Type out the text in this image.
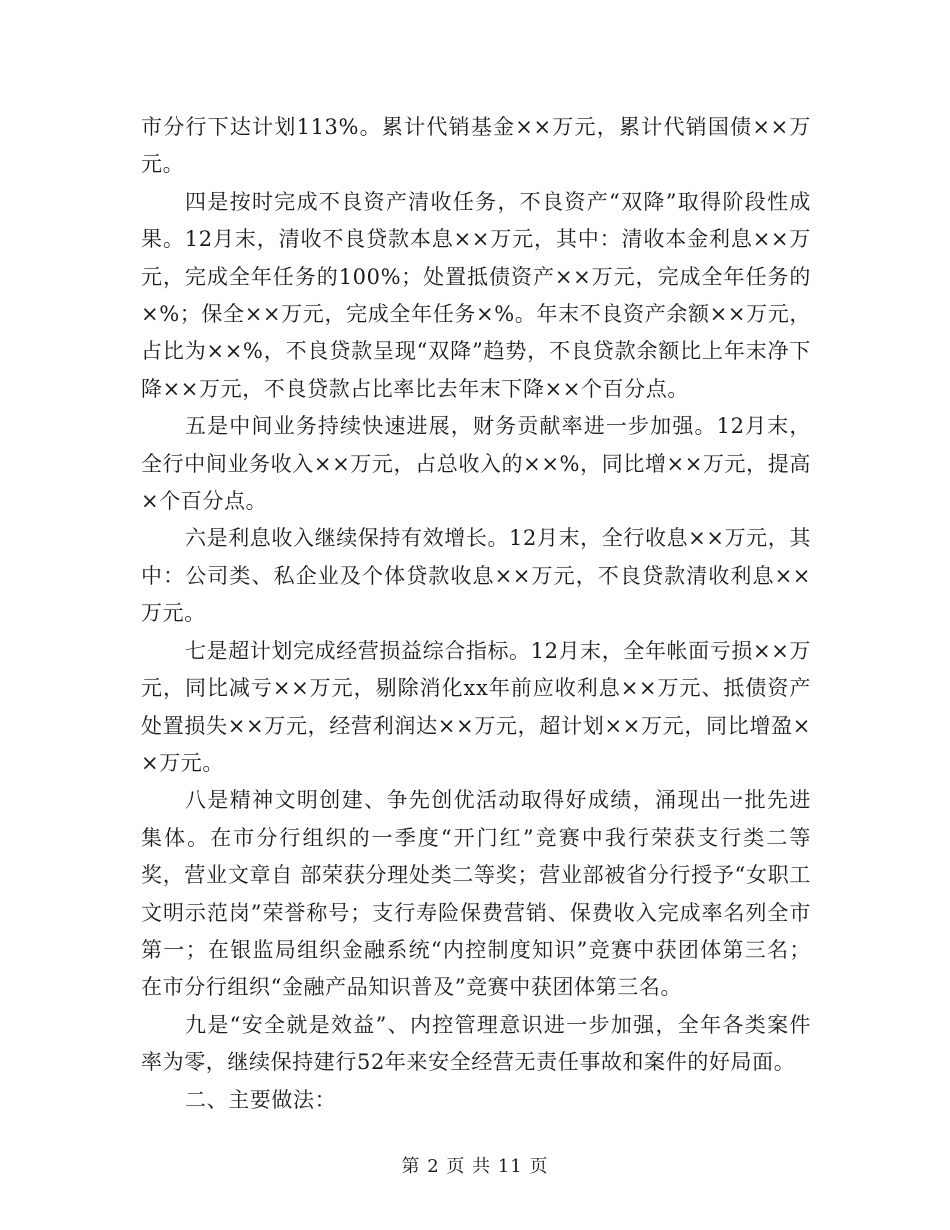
市分行下达计划113%。累计代销基金××万元，累计代销国债××万元。

四是按时完成不良资产清收任务，不良资产“双降”取得阶段性成果。12月末，清收不良贷款本息××万元，其中：清收本金利息××万元，完成全年任务的100%；处置抵债资产××万元，完成全年任务的×%；保全××万元，完成全年任务×%。年末不良资产余额××万元，占比为××%，不良贷款呈现“双降”趋势，不良贷款余额比上年末净下降××万元，不良贷款占比率比去年末下降××个百分点。

五是中间业务持续快速进展，财务贡献率进一步加强。12月末，全行中间业务收入××万元，占总收入的××%，同比增××万元，提高×个百分点。

六是利息收入继续保持有效增长。12月末，全行收息××万元，其中：公司类、私企业及个体贷款收息××万元，不良贷款清收利息××万元。

七是超计划完成经营损益综合指标。12月末，全年帐面亏损××万元，同比减亏××万元，剔除消化xx年前应收利息××万元、抵债资产处置损失××万元，经营利润达××万元，超计划××万元，同比增盈××万元。

八是精神文明创建、争先创优活动取得好成绩，涌现出一批先进集体。在市分行组织的一季度“开门红”竞赛中我行荣获支行类二等奖，营业文章自 部荣获分理处类二等奖；营业部被省分行授予“女职工文明示范岗”荣誉称号；支行寿险保费营销、保费收入完成率名列全市第一；在银监局组织金融系统“内控制度知识”竞赛中获团体第三名；在市分行组织“金融产品知识普及”竞赛中获团体第三名。

九是“安全就是效益”、内控管理意识进一步加强，全年各类案件率为零，继续保持建行52年来安全经营无责任事故和案件的好局面。

二、主要做法：

第 2 页 共 11 页
